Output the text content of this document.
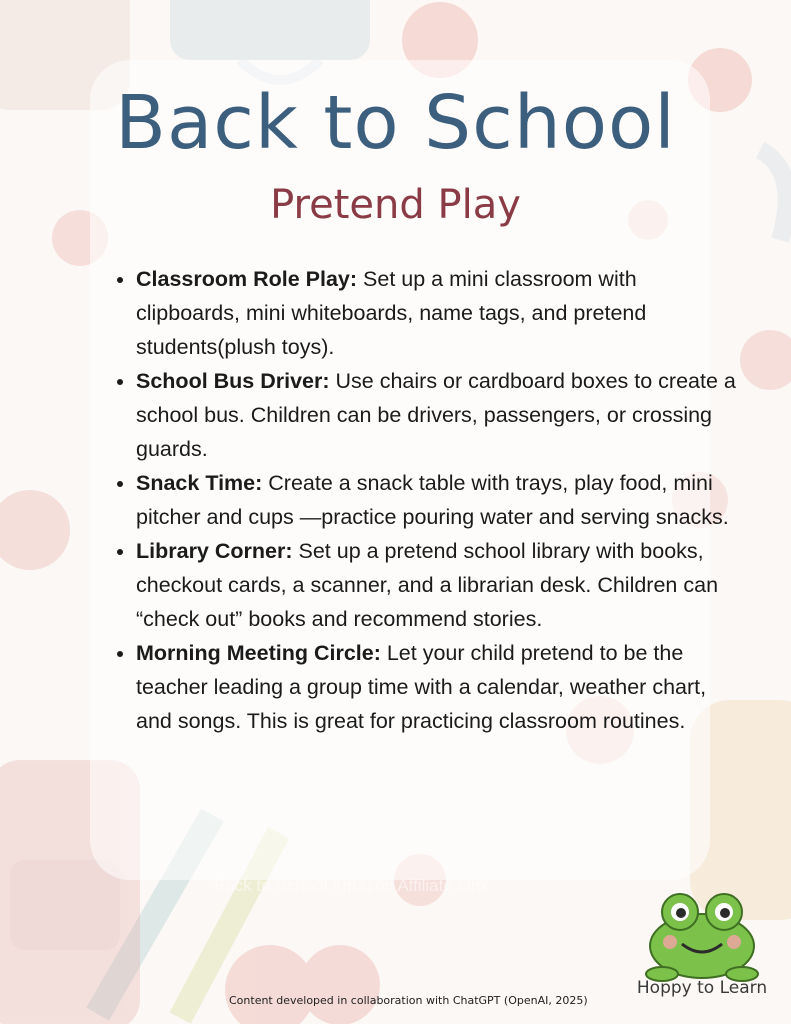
Back to School
Pretend Play
• Classroom Role Play: Set up a mini classroom with clipboards, mini whiteboards, name tags, and pretend students(plush toys).
• School Bus Driver: Use chairs or cardboard boxes to create a school bus. Children can be drivers, passengers, or crossing guards.
• Snack Time: Create a snack table with trays, play food, mini pitcher and cups —practice pouring water and serving snacks.
• Library Corner: Set up a pretend school library with books, checkout cards, a scanner, and a librarian desk. Children can “check out” books and recommend stories.
• Morning Meeting Circle: Let your child pretend to be the teacher leading a group time with a calendar, weather chart, and songs. This is great for practicing classroom routines.
Back to School Amazon Affiliate Link
Content developed in collaboration with ChatGPT (OpenAI, 2025)
Hoppy to Learn
